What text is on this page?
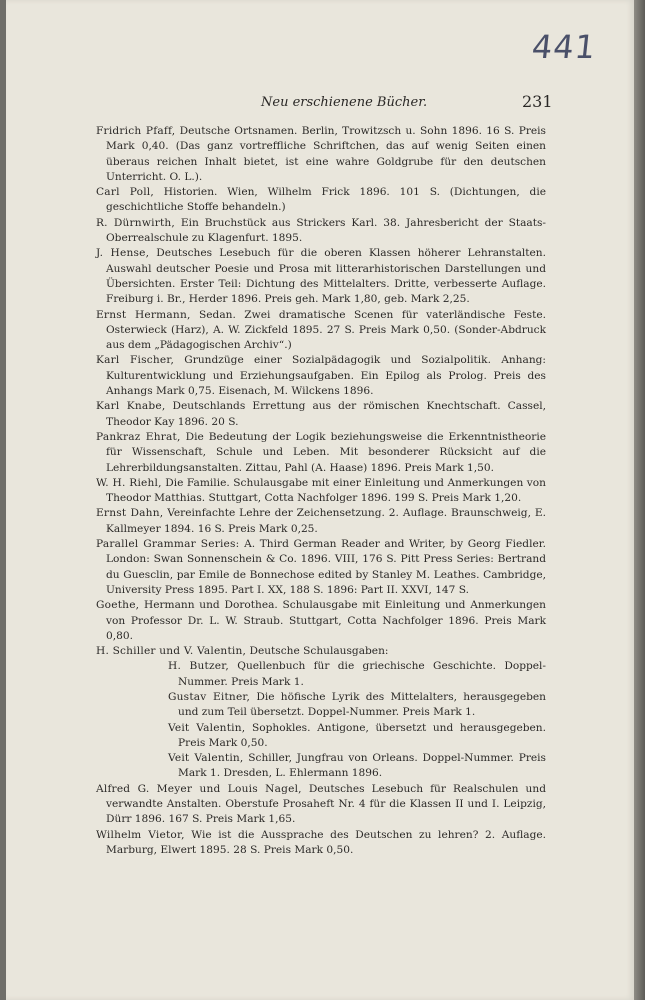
441
Neu erschienene Bücher.	231

Fridrich Pfaff, Deutsche Ortsnamen. Berlin, Trowitzsch u. Sohn 1896. 16 S. Preis Mark 0,40. (Das ganz vortreffliche Schriftchen, das auf wenig Seiten einen überaus reichen Inhalt bietet, ist eine wahre Goldgrube für den deutschen Unterricht. O. L.).

Carl Poll, Historien. Wien, Wilhelm Frick 1896. 101 S. (Dichtungen, die geschichtliche Stoffe behandeln.)

R. Dürnwirth, Ein Bruchstück aus Strickers Karl. 38. Jahresbericht der Staats-Oberrealschule zu Klagenfurt. 1895.

J. Hense, Deutsches Lesebuch für die oberen Klassen höherer Lehranstalten. Auswahl deutscher Poesie und Prosa mit litterarhistorischen Darstellungen und Übersichten. Erster Teil: Dichtung des Mittelalters. Dritte, verbesserte Auflage. Freiburg i. Br., Herder 1896. Preis geh. Mark 1,80, geb. Mark 2,25.

Ernst Hermann, Sedan. Zwei dramatische Scenen für vaterländische Feste. Osterwieck (Harz), A. W. Zickfeld 1895. 27 S. Preis Mark 0,50. (Sonder-Abdruck aus dem „Pädagogischen Archiv“.)

Karl Fischer, Grundzüge einer Sozialpädagogik und Sozialpolitik. Anhang: Kulturentwicklung und Erziehungsaufgaben. Ein Epilog als Prolog. Preis des Anhangs Mark 0,75. Eisenach, M. Wilckens 1896.

Karl Knabe, Deutschlands Errettung aus der römischen Knechtschaft. Cassel, Theodor Kay 1896. 20 S.

Pankraz Ehrat, Die Bedeutung der Logik beziehungsweise die Erkenntnistheorie für Wissenschaft, Schule und Leben. Mit besonderer Rücksicht auf die Lehrerbildungsanstalten. Zittau, Pahl (A. Haase) 1896. Preis Mark 1,50.

W. H. Riehl, Die Familie. Schulausgabe mit einer Einleitung und Anmerkungen von Theodor Matthias. Stuttgart, Cotta Nachfolger 1896. 199 S. Preis Mark 1,20.

Ernst Dahn, Vereinfachte Lehre der Zeichensetzung. 2. Auflage. Braunschweig, E. Kallmeyer 1894. 16 S. Preis Mark 0,25.

Parallel Grammar Series: A. Third German Reader and Writer, by Georg Fiedler. London: Swan Sonnenschein & Co. 1896. VIII, 176 S. Pitt Press Series: Bertrand du Guesclin, par Emile de Bonnechose edited by Stanley M. Leathes. Cambridge, University Press 1895. Part I. XX, 188 S. 1896: Part II. XXVI, 147 S.

Goethe, Hermann und Dorothea. Schulausgabe mit Einleitung und Anmerkungen von Professor Dr. L. W. Straub. Stuttgart, Cotta Nachfolger 1896. Preis Mark 0,80.

H. Schiller und V. Valentin, Deutsche Schulausgaben:

H. Butzer, Quellenbuch für die griechische Geschichte. Doppel-Nummer. Preis Mark 1.

Gustav Eitner, Die höfische Lyrik des Mittelalters, herausgegeben und zum Teil übersetzt. Doppel-Nummer. Preis Mark 1.

Veit Valentin, Sophokles. Antigone, übersetzt und herausgegeben. Preis Mark 0,50.

Veit Valentin, Schiller, Jungfrau von Orleans. Doppel-Nummer. Preis Mark 1. Dresden, L. Ehlermann 1896.

Alfred G. Meyer und Louis Nagel, Deutsches Lesebuch für Realschulen und verwandte Anstalten. Oberstufe Prosaheft Nr. 4 für die Klassen II und I. Leipzig, Dürr 1896. 167 S. Preis Mark 1,65.

Wilhelm Vietor, Wie ist die Aussprache des Deutschen zu lehren? 2. Auflage. Marburg, Elwert 1895. 28 S. Preis Mark 0,50.
